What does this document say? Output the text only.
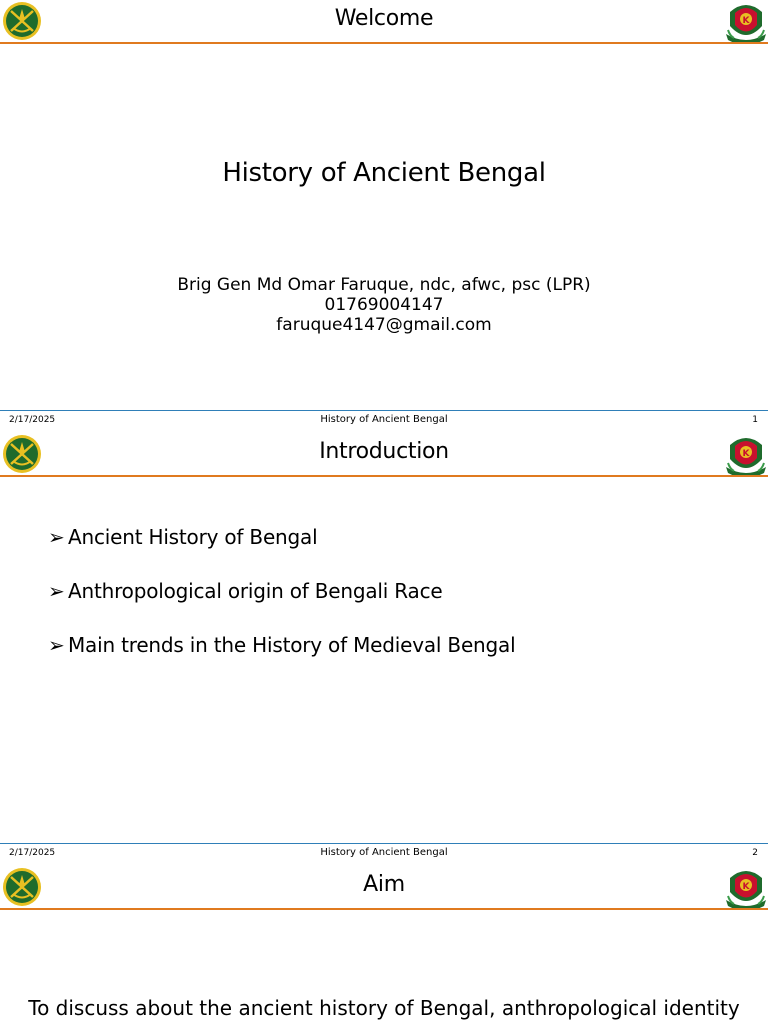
Welcome
History of Ancient Bengal
Brig Gen Md Omar Faruque, ndc, afwc, psc (LPR)
01769004147
faruque4147@gmail.com
2/17/2025	History of Ancient Bengal	1
Introduction
➢ Ancient History of Bengal
➢ Anthropological origin of Bengali Race
➢ Main trends in the History of Medieval Bengal
2/17/2025	History of Ancient Bengal	2
Aim
To discuss about the ancient history of Bengal, anthropological identity
